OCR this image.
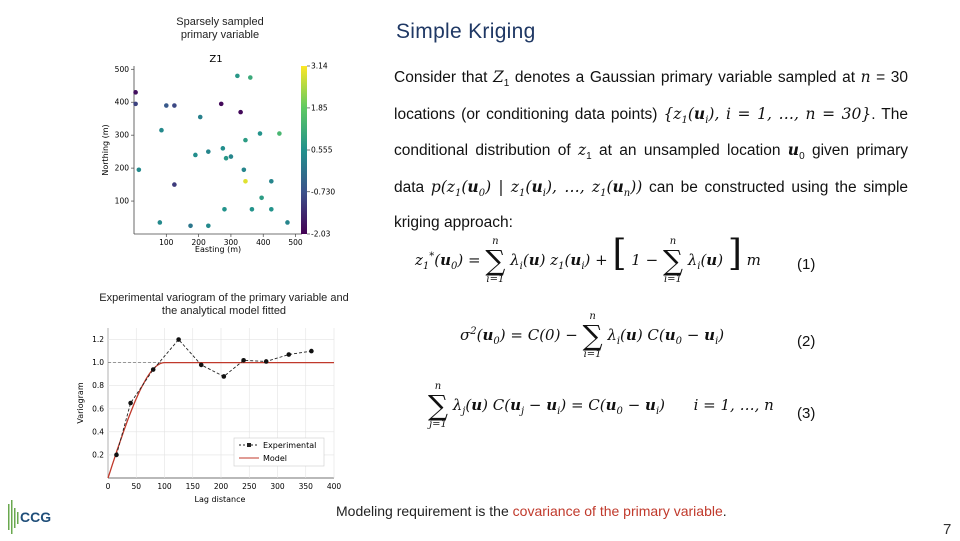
Sparsely sampled primary variable	Simple Kriging
Z1
100 200 300 400 500
100
200
300
400
500	3.14
1.85
0.555
-0.730
-2.03
Easting (m)
Northing (m)
Consider that $Z_1$ denotes a Gaussian primary variable sampled at n = 30 locations (or conditioning data points) {$z_1(u_i)$, i = 1, …, n = 30}. The conditional distribution of $z_1$ at an unsampled location $u_0$ given primary data $p(z_1(u_0)$ | $z_1(u_i)$, …, $z_1(u_n)$) can be constructed using the simple kriging approach:
$z_1^*(u_0)$ =
n
∑
i=1
$\lambda_i(u) z_1(u_i)$ + [ 1 −
n
∑
i=1
$\lambda_i(u)$ ] m (1)
Experimental variogram of the primary variable and the analytical model fitted
$\sigma^2(u_0) = C(0)$ −
n
∑
i=1
$\lambda_i(u) C(u_0 - u_i)$	(2)
n
∑
j=1
$\lambda_j(u) C(u_j - u_i) = C(u_0 - u_i)$      i = 1, …, n (3)
0	50 100 150 200 250 300 350 400
0.2
0.4
0.6
0.8
1.0
1.2
Experimental
Model
Lag distance
Variogram
CCG	Modeling requirement is the covariance of the primary variable.
7
